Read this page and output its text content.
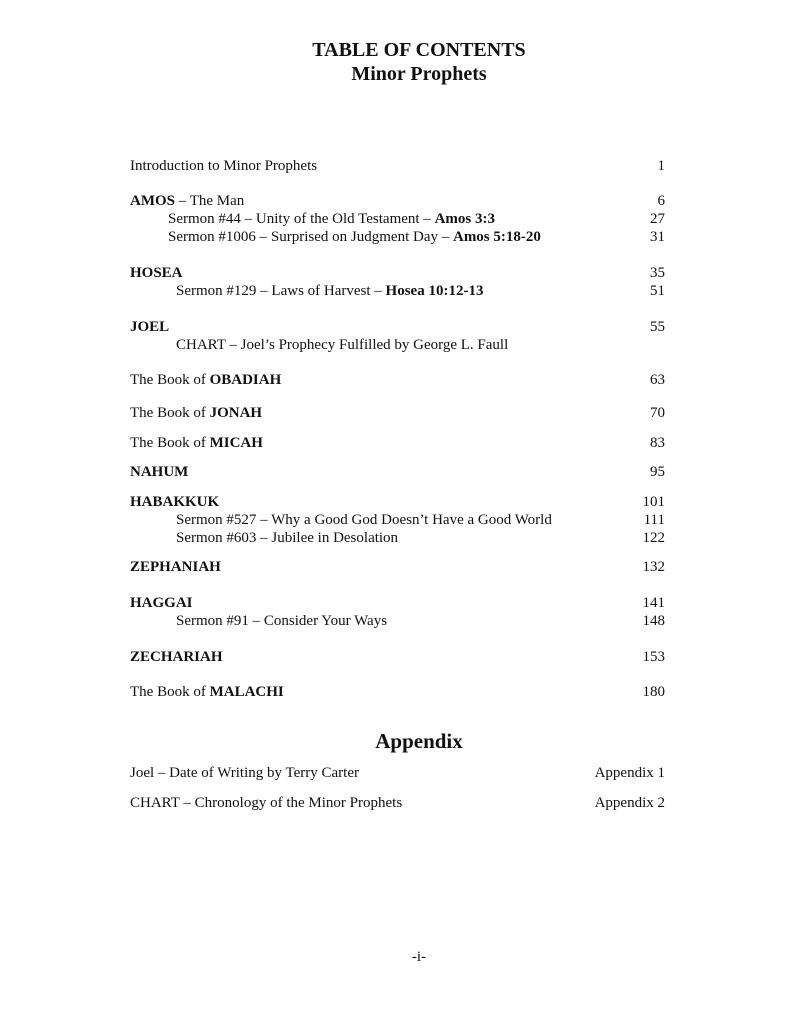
TABLE OF CONTENTS
Minor Prophets
Introduction to Minor Prophets	1
AMOS – The Man	6
Sermon #44 – Unity of the Old Testament – Amos 3:3	27
Sermon #1006 – Surprised on Judgment Day – Amos 5:18-20	31
HOSEA	35
Sermon #129 – Laws of Harvest – Hosea 10:12-13	51
JOEL	55
CHART – Joel’s Prophecy Fulfilled by George L. Faull
The Book of OBADIAH	63
The Book of JONAH	70
The Book of MICAH	83
NAHUM	95
HABAKKUK	101
Sermon #527 – Why a Good God Doesn’t Have a Good World	111
Sermon #603 – Jubilee in Desolation	122
ZEPHANIAH	132
HAGGAI	141
Sermon #91 – Consider Your Ways	148
ZECHARIAH	153
The Book of MALACHI	180
Appendix
Joel – Date of Writing by Terry Carter	Appendix 1
CHART – Chronology of the Minor Prophets	Appendix 2
-i-
